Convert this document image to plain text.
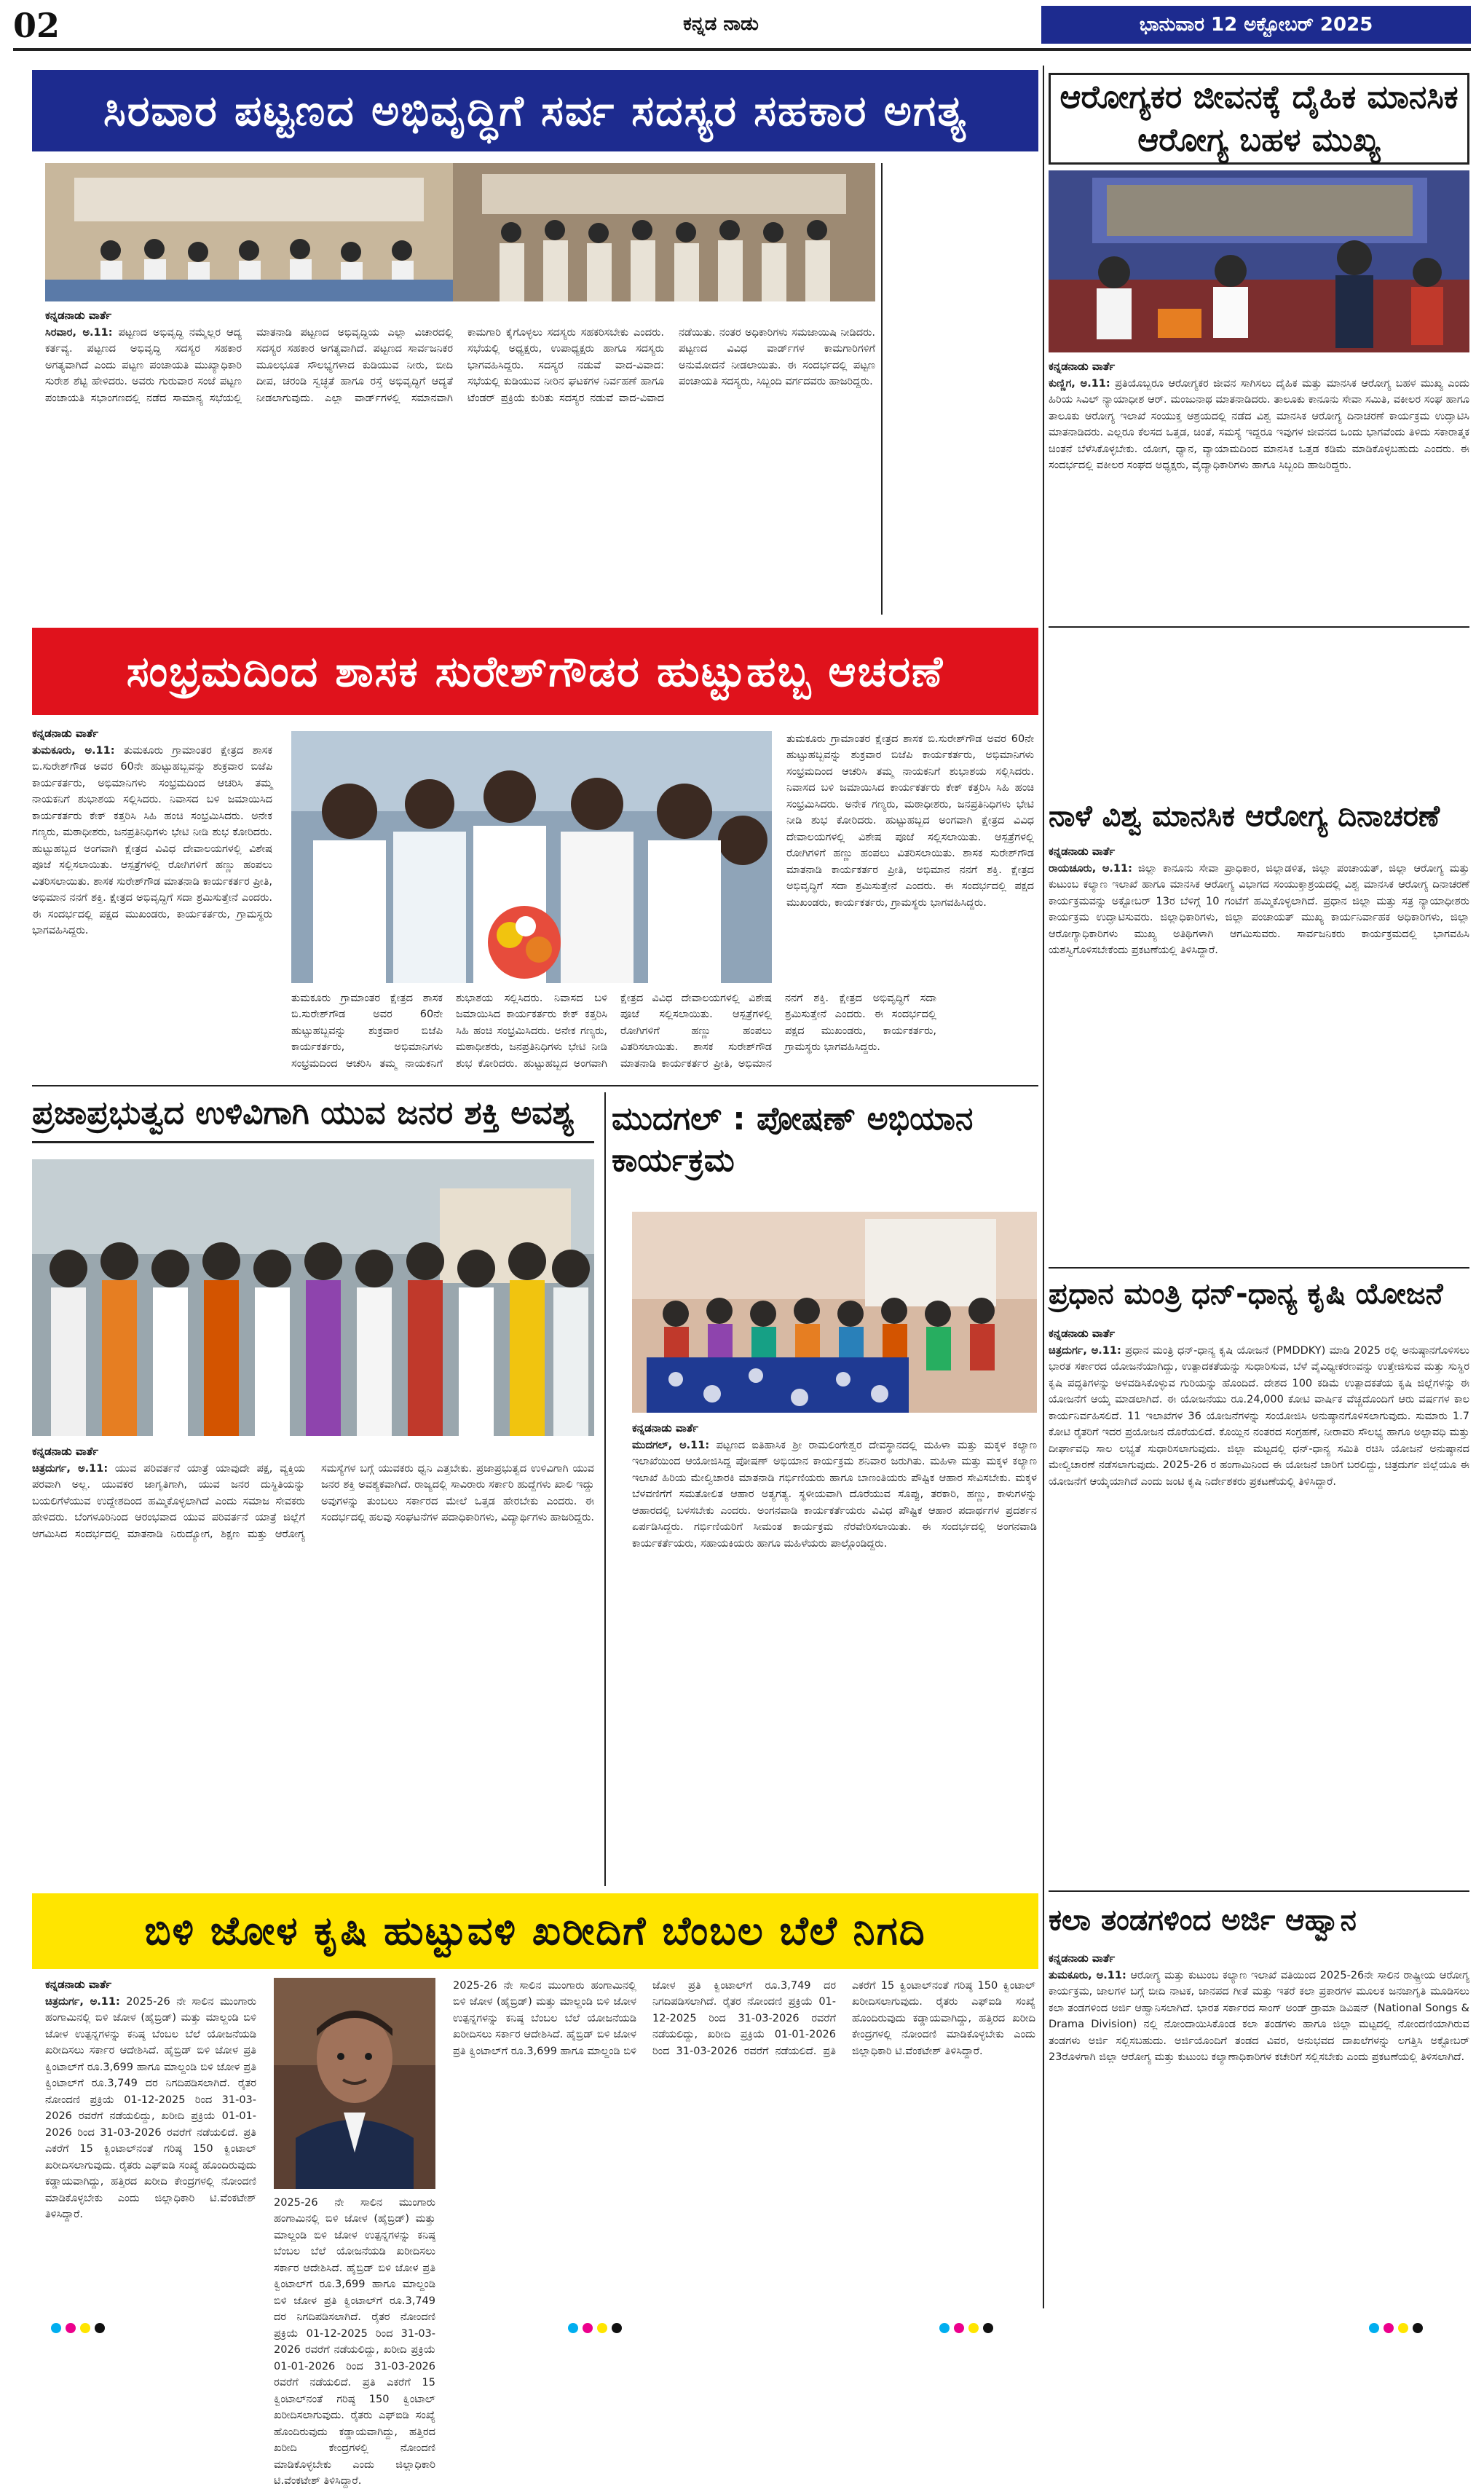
02	ಕನ್ನಡ ನಾಡು	ಭಾನುವಾರ 12 ಅಕ್ಟೋಬರ್ 2025
ಸಿರವಾರ ಪಟ್ಟಣದ ಅಭಿವೃದ್ಧಿಗೆ ಸರ್ವ ಸದಸ್ಯರ ಸಹಕಾರ ಅಗತ್ಯ
ಕನ್ನಡನಾಡು ವಾರ್ತೆ
ಸಿರವಾರ, ಅ.11: ಪಟ್ಟಣದ ಅಭಿವೃದ್ಧಿ ನಮ್ಮೆಲ್ಲರ ಆದ್ಯ ಕರ್ತವ್ಯ. ಪಟ್ಟಣದ ಅಭಿವೃದ್ಧಿ ಸದಸ್ಯರ ಸಹಕಾರ ಅಗತ್ಯವಾಗಿದೆ ಎಂದು ಪಟ್ಟಣ ಪಂಚಾಯತಿ ಮುಖ್ಯಾಧಿಕಾರಿ ಸುರೇಶ ಶೆಟ್ಟಿ ಹೇಳಿದರು. ಅವರು ಗುರುವಾರ ಸಂಜೆ ಪಟ್ಟಣ ಪಂಚಾಯತಿ ಸಭಾಂಗಣದಲ್ಲಿ ನಡೆದ ಸಾಮಾನ್ಯ ಸಭೆಯಲ್ಲಿ ಮಾತನಾಡಿ ಪಟ್ಟಣದ ಅಭಿವೃದ್ಧಿಯ ಎಲ್ಲಾ ವಿಚಾರದಲ್ಲಿ ಸದಸ್ಯರ ಸಹಕಾರ ಅಗತ್ಯವಾಗಿದೆ. ಪಟ್ಟಣದ ಸಾರ್ವಜನಿಕರ ಮೂಲಭೂತ ಸೌಲಭ್ಯಗಳಾದ ಕುಡಿಯುವ ನೀರು, ಬೀದಿ ದೀಪ, ಚರಂಡಿ ಸ್ವಚ್ಛತೆ ಹಾಗೂ ರಸ್ತೆ ಅಭಿವೃದ್ಧಿಗೆ ಆದ್ಯತೆ ನೀಡಲಾಗುವುದು. ಎಲ್ಲಾ ವಾರ್ಡ್‌ಗಳಲ್ಲಿ ಸಮಾನವಾಗಿ ಕಾಮಗಾರಿ ಕೈಗೊಳ್ಳಲು ಸದಸ್ಯರು ಸಹಕರಿಸಬೇಕು ಎಂದರು. ಸಭೆಯಲ್ಲಿ ಅಧ್ಯಕ್ಷರು, ಉಪಾಧ್ಯಕ್ಷರು ಹಾಗೂ ಸದಸ್ಯರು ಭಾಗವಹಿಸಿದ್ದರು. ಸದಸ್ಯರ ನಡುವೆ ವಾದ-ವಿವಾದ: ಸಭೆಯಲ್ಲಿ ಕುಡಿಯುವ ನೀರಿನ ಘಟಕಗಳ ನಿರ್ವಹಣೆ ಹಾಗೂ ಟೆಂಡರ್ ಪ್ರಕ್ರಿಯೆ ಕುರಿತು ಸದಸ್ಯರ ನಡುವೆ ವಾದ-ವಿವಾದ ನಡೆಯಿತು. ನಂತರ ಅಧಿಕಾರಿಗಳು ಸಮಜಾಯಿಷಿ ನೀಡಿದರು. ಪಟ್ಟಣದ ವಿವಿಧ ವಾರ್ಡ್‌ಗಳ ಕಾಮಗಾರಿಗಳಿಗೆ ಅನುಮೋದನೆ ನೀಡಲಾಯಿತು. ಈ ಸಂದರ್ಭದಲ್ಲಿ ಪಟ್ಟಣ ಪಂಚಾಯತಿ ಸದಸ್ಯರು, ಸಿಬ್ಬಂದಿ ವರ್ಗದವರು ಹಾಜರಿದ್ದರು.
ಆರೋಗ್ಯಕರ ಜೀವನಕ್ಕೆ ದೈಹಿಕ ಮಾನಸಿಕ ಆರೋಗ್ಯ ಬಹಳ ಮುಖ್ಯ
ಕನ್ನಡನಾಡು ವಾರ್ತೆ
ಕುಣ್ಣಿಗ, ಅ.11: ಪ್ರತಿಯೊಬ್ಬರೂ ಆರೋಗ್ಯಕರ ಜೀವನ ಸಾಗಿಸಲು ದೈಹಿಕ ಮತ್ತು ಮಾನಸಿಕ ಆರೋಗ್ಯ ಬಹಳ ಮುಖ್ಯ ಎಂದು ಹಿರಿಯ ಸಿವಿಲ್ ನ್ಯಾಯಾಧೀಶ ಆರ್. ಮಂಜುನಾಥ ಮಾತನಾಡಿದರು. ತಾಲೂಕು ಕಾನೂನು ಸೇವಾ ಸಮಿತಿ, ವಕೀಲರ ಸಂಘ ಹಾಗೂ ತಾಲೂಕು ಆರೋಗ್ಯ ಇಲಾಖೆ ಸಂಯುಕ್ತ ಆಶ್ರಯದಲ್ಲಿ ನಡೆದ ವಿಶ್ವ ಮಾನಸಿಕ ಆರೋಗ್ಯ ದಿನಾಚರಣೆ ಕಾರ್ಯಕ್ರಮ ಉದ್ಘಾಟಿಸಿ ಮಾತನಾಡಿದರು. ಎಲ್ಲರೂ ಕೆಲಸದ ಒತ್ತಡ, ಚಿಂತೆ, ಸಮಸ್ಯೆ ಇದ್ದರೂ ಇವುಗಳ ಜೀವನದ ಒಂದು ಭಾಗವೆಂದು ತಿಳಿದು ಸಕಾರಾತ್ಮಕ ಚಿಂತನೆ ಬೆಳೆಸಿಕೊಳ್ಳಬೇಕು. ಯೋಗ, ಧ್ಯಾನ, ವ್ಯಾಯಾಮದಿಂದ ಮಾನಸಿಕ ಒತ್ತಡ ಕಡಿಮೆ ಮಾಡಿಕೊಳ್ಳಬಹುದು ಎಂದರು. ಈ ಸಂದರ್ಭದಲ್ಲಿ ವಕೀಲರ ಸಂಘದ ಅಧ್ಯಕ್ಷರು, ವೈದ್ಯಾಧಿಕಾರಿಗಳು ಹಾಗೂ ಸಿಬ್ಬಂದಿ ಹಾಜರಿದ್ದರು.
ಸಂಭ್ರಮದಿಂದ ಶಾಸಕ ಸುರೇಶ್‌ಗೌಡರ ಹುಟ್ಟುಹಬ್ಬ ಆಚರಣೆ
ಕನ್ನಡನಾಡು ವಾರ್ತೆ
ತುಮಕೂರು, ಅ.11: ತುಮಕೂರು ಗ್ರಾಮಾಂತರ ಕ್ಷೇತ್ರದ ಶಾಸಕ ಬಿ.ಸುರೇಶ್‌ಗೌಡ ಅವರ 60ನೇ ಹುಟ್ಟುಹಬ್ಬವನ್ನು ಶುಕ್ರವಾರ ಬಿಜೆಪಿ ಕಾರ್ಯಕರ್ತರು, ಅಭಿಮಾನಿಗಳು ಸಂಭ್ರಮದಿಂದ ಆಚರಿಸಿ ತಮ್ಮ ನಾಯಕನಿಗೆ ಶುಭಾಶಯ ಸಲ್ಲಿಸಿದರು. ನಿವಾಸದ ಬಳಿ ಜಮಾಯಿಸಿದ ಕಾರ್ಯಕರ್ತರು ಕೇಕ್ ಕತ್ತರಿಸಿ ಸಿಹಿ ಹಂಚಿ ಸಂಭ್ರಮಿಸಿದರು. ಅನೇಕ ಗಣ್ಯರು, ಮಠಾಧೀಶರು, ಜನಪ್ರತಿನಿಧಿಗಳು ಭೇಟಿ ನೀಡಿ ಶುಭ ಕೋರಿದರು. ಹುಟ್ಟುಹಬ್ಬದ ಅಂಗವಾಗಿ ಕ್ಷೇತ್ರದ ವಿವಿಧ ದೇವಾಲಯಗಳಲ್ಲಿ ವಿಶೇಷ ಪೂಜೆ ಸಲ್ಲಿಸಲಾಯಿತು. ಆಸ್ಪತ್ರೆಗಳಲ್ಲಿ ರೋಗಿಗಳಿಗೆ ಹಣ್ಣು ಹಂಪಲು ವಿತರಿಸಲಾಯಿತು. ಶಾಸಕ ಸುರೇಶ್‌ಗೌಡ ಮಾತನಾಡಿ ಕಾರ್ಯಕರ್ತರ ಪ್ರೀತಿ, ಅಭಿಮಾನ ನನಗೆ ಶಕ್ತಿ. ಕ್ಷೇತ್ರದ ಅಭಿವೃದ್ಧಿಗೆ ಸದಾ ಶ್ರಮಿಸುತ್ತೇನೆ ಎಂದರು. ಈ ಸಂದರ್ಭದಲ್ಲಿ ಪಕ್ಷದ ಮುಖಂಡರು, ಕಾರ್ಯಕರ್ತರು, ಗ್ರಾಮಸ್ಥರು ಭಾಗವಹಿಸಿದ್ದರು.
ತುಮಕೂರು ಗ್ರಾಮಾಂತರ ಕ್ಷೇತ್ರದ ಶಾಸಕ ಬಿ.ಸುರೇಶ್‌ಗೌಡ ಅವರ 60ನೇ ಹುಟ್ಟುಹಬ್ಬವನ್ನು ಶುಕ್ರವಾರ ಬಿಜೆಪಿ ಕಾರ್ಯಕರ್ತರು, ಅಭಿಮಾನಿಗಳು ಸಂಭ್ರಮದಿಂದ ಆಚರಿಸಿ ತಮ್ಮ ನಾಯಕನಿಗೆ ಶುಭಾಶಯ ಸಲ್ಲಿಸಿದರು. ನಿವಾಸದ ಬಳಿ ಜಮಾಯಿಸಿದ ಕಾರ್ಯಕರ್ತರು ಕೇಕ್ ಕತ್ತರಿಸಿ ಸಿಹಿ ಹಂಚಿ ಸಂಭ್ರಮಿಸಿದರು. ಅನೇಕ ಗಣ್ಯರು, ಮಠಾಧೀಶರು, ಜನಪ್ರತಿನಿಧಿಗಳು ಭೇಟಿ ನೀಡಿ ಶುಭ ಕೋರಿದರು. ಹುಟ್ಟುಹಬ್ಬದ ಅಂಗವಾಗಿ ಕ್ಷೇತ್ರದ ವಿವಿಧ ದೇವಾಲಯಗಳಲ್ಲಿ ವಿಶೇಷ ಪೂಜೆ ಸಲ್ಲಿಸಲಾಯಿತು. ಆಸ್ಪತ್ರೆಗಳಲ್ಲಿ ರೋಗಿಗಳಿಗೆ ಹಣ್ಣು ಹಂಪಲು ವಿತರಿಸಲಾಯಿತು. ಶಾಸಕ ಸುರೇಶ್‌ಗೌಡ ಮಾತನಾಡಿ ಕಾರ್ಯಕರ್ತರ ಪ್ರೀತಿ, ಅಭಿಮಾನ ನನಗೆ ಶಕ್ತಿ. ಕ್ಷೇತ್ರದ ಅಭಿವೃದ್ಧಿಗೆ ಸದಾ ಶ್ರಮಿಸುತ್ತೇನೆ ಎಂದರು. ಈ ಸಂದರ್ಭದಲ್ಲಿ ಪಕ್ಷದ ಮುಖಂಡರು, ಕಾರ್ಯಕರ್ತರು, ಗ್ರಾಮಸ್ಥರು ಭಾಗವಹಿಸಿದ್ದರು.
ತುಮಕೂರು ಗ್ರಾಮಾಂತರ ಕ್ಷೇತ್ರದ ಶಾಸಕ ಬಿ.ಸುರೇಶ್‌ಗೌಡ ಅವರ 60ನೇ ಹುಟ್ಟುಹಬ್ಬವನ್ನು ಶುಕ್ರವಾರ ಬಿಜೆಪಿ ಕಾರ್ಯಕರ್ತರು, ಅಭಿಮಾನಿಗಳು ಸಂಭ್ರಮದಿಂದ ಆಚರಿಸಿ ತಮ್ಮ ನಾಯಕನಿಗೆ ಶುಭಾಶಯ ಸಲ್ಲಿಸಿದರು. ನಿವಾಸದ ಬಳಿ ಜಮಾಯಿಸಿದ ಕಾರ್ಯಕರ್ತರು ಕೇಕ್ ಕತ್ತರಿಸಿ ಸಿಹಿ ಹಂಚಿ ಸಂಭ್ರಮಿಸಿದರು. ಅನೇಕ ಗಣ್ಯರು, ಮಠಾಧೀಶರು, ಜನಪ್ರತಿನಿಧಿಗಳು ಭೇಟಿ ನೀಡಿ ಶುಭ ಕೋರಿದರು. ಹುಟ್ಟುಹಬ್ಬದ ಅಂಗವಾಗಿ ಕ್ಷೇತ್ರದ ವಿವಿಧ ದೇವಾಲಯಗಳಲ್ಲಿ ವಿಶೇಷ ಪೂಜೆ ಸಲ್ಲಿಸಲಾಯಿತು. ಆಸ್ಪತ್ರೆಗಳಲ್ಲಿ ರೋಗಿಗಳಿಗೆ ಹಣ್ಣು ಹಂಪಲು ವಿತರಿಸಲಾಯಿತು. ಶಾಸಕ ಸುರೇಶ್‌ಗೌಡ ಮಾತನಾಡಿ ಕಾರ್ಯಕರ್ತರ ಪ್ರೀತಿ, ಅಭಿಮಾನ ನನಗೆ ಶಕ್ತಿ. ಕ್ಷೇತ್ರದ ಅಭಿವೃದ್ಧಿಗೆ ಸದಾ ಶ್ರಮಿಸುತ್ತೇನೆ ಎಂದರು. ಈ ಸಂದರ್ಭದಲ್ಲಿ ಪಕ್ಷದ ಮುಖಂಡರು, ಕಾರ್ಯಕರ್ತರು, ಗ್ರಾಮಸ್ಥರು ಭಾಗವಹಿಸಿದ್ದರು.
ನಾಳೆ ವಿಶ್ವ ಮಾನಸಿಕ ಆರೋಗ್ಯ ದಿನಾಚರಣೆ
ಕನ್ನಡನಾಡು ವಾರ್ತೆ
ರಾಯಚೂರು, ಅ.11: ಜಿಲ್ಲಾ ಕಾನೂನು ಸೇವಾ ಪ್ರಾಧಿಕಾರ, ಜಿಲ್ಲಾಡಳಿತ, ಜಿಲ್ಲಾ ಪಂಚಾಯತ್, ಜಿಲ್ಲಾ ಆರೋಗ್ಯ ಮತ್ತು ಕುಟುಂಬ ಕಲ್ಯಾಣ ಇಲಾಖೆ ಹಾಗೂ ಮಾನಸಿಕ ಆರೋಗ್ಯ ವಿಭಾಗದ ಸಂಯುಕ್ತಾಶ್ರಯದಲ್ಲಿ ವಿಶ್ವ ಮಾನಸಿಕ ಆರೋಗ್ಯ ದಿನಾಚರಣೆ ಕಾರ್ಯಕ್ರಮವನ್ನು ಅಕ್ಟೋಬರ್ 13ರ ಬೆಳಿಗ್ಗೆ 10 ಗಂಟೆಗೆ ಹಮ್ಮಿಕೊಳ್ಳಲಾಗಿದೆ. ಪ್ರಧಾನ ಜಿಲ್ಲಾ ಮತ್ತು ಸತ್ರ ನ್ಯಾಯಾಧೀಶರು ಕಾರ್ಯಕ್ರಮ ಉದ್ಘಾಟಿಸುವರು. ಜಿಲ್ಲಾಧಿಕಾರಿಗಳು, ಜಿಲ್ಲಾ ಪಂಚಾಯತ್ ಮುಖ್ಯ ಕಾರ್ಯನಿರ್ವಾಹಕ ಅಧಿಕಾರಿಗಳು, ಜಿಲ್ಲಾ ಆರೋಗ್ಯಾಧಿಕಾರಿಗಳು ಮುಖ್ಯ ಅತಿಥಿಗಳಾಗಿ ಆಗಮಿಸುವರು. ಸಾರ್ವಜನಿಕರು ಕಾರ್ಯಕ್ರಮದಲ್ಲಿ ಭಾಗವಹಿಸಿ ಯಶಸ್ವಿಗೊಳಿಸಬೇಕೆಂದು ಪ್ರಕಟಣೆಯಲ್ಲಿ ತಿಳಿಸಿದ್ದಾರೆ.
ಪ್ರಜಾಪ್ರಭುತ್ವದ ಉಳಿವಿಗಾಗಿ ಯುವ ಜನರ ಶಕ್ತಿ ಅವಶ್ಯ
ಕನ್ನಡನಾಡು ವಾರ್ತೆ
ಚಿತ್ರದುರ್ಗ, ಅ.11: ಯುವ ಪರಿವರ್ತನೆ ಯಾತ್ರೆ ಯಾವುದೇ ಪಕ್ಷ, ವ್ಯಕ್ತಿಯ ಪರವಾಗಿ ಅಲ್ಲ. ಯುವಕರ ಜಾಗೃತಿಗಾಗಿ, ಯುವ ಜನರ ದುಸ್ಥಿತಿಯನ್ನು ಬಯಲಿಗೆಳೆಯುವ ಉದ್ದೇಶದಿಂದ ಹಮ್ಮಿಕೊಳ್ಳಲಾಗಿದೆ ಎಂದು ಸಮಾಜ ಸೇವಕರು ಹೇಳಿದರು. ಬೆಂಗಳೂರಿನಿಂದ ಆರಂಭವಾದ ಯುವ ಪರಿವರ್ತನೆ ಯಾತ್ರೆ ಜಿಲ್ಲೆಗೆ ಆಗಮಿಸಿದ ಸಂದರ್ಭದಲ್ಲಿ ಮಾತನಾಡಿ ನಿರುದ್ಯೋಗ, ಶಿಕ್ಷಣ ಮತ್ತು ಆರೋಗ್ಯ ಸಮಸ್ಯೆಗಳ ಬಗ್ಗೆ ಯುವಕರು ಧ್ವನಿ ಎತ್ತಬೇಕು. ಪ್ರಜಾಪ್ರಭುತ್ವದ ಉಳಿವಿಗಾಗಿ ಯುವ ಜನರ ಶಕ್ತಿ ಅವಶ್ಯಕವಾಗಿದೆ. ರಾಜ್ಯದಲ್ಲಿ ಸಾವಿರಾರು ಸರ್ಕಾರಿ ಹುದ್ದೆಗಳು ಖಾಲಿ ಇದ್ದು ಅವುಗಳನ್ನು ತುಂಬಲು ಸರ್ಕಾರದ ಮೇಲೆ ಒತ್ತಡ ಹೇರಬೇಕು ಎಂದರು. ಈ ಸಂದರ್ಭದಲ್ಲಿ ಹಲವು ಸಂಘಟನೆಗಳ ಪದಾಧಿಕಾರಿಗಳು, ವಿದ್ಯಾರ್ಥಿಗಳು ಹಾಜರಿದ್ದರು.
ಮುದಗಲ್ : ಪೋಷಣ್ ಅಭಿಯಾನ ಕಾರ್ಯಕ್ರಮ
ಕನ್ನಡನಾಡು ವಾರ್ತೆ
ಮುದಗಲ್, ಅ.11: ಪಟ್ಟಣದ ಐತಿಹಾಸಿಕ ಶ್ರೀ ರಾಮಲಿಂಗೇಶ್ವರ ದೇವಸ್ಥಾನದಲ್ಲಿ ಮಹಿಳಾ ಮತ್ತು ಮಕ್ಕಳ ಕಲ್ಯಾಣ ಇಲಾಖೆಯಿಂದ ಆಯೋಜಿಸಿದ್ದ ಪೋಷಣ್ ಅಭಿಯಾನ ಕಾರ್ಯಕ್ರಮ ಶನಿವಾರ ಜರುಗಿತು. ಮಹಿಳಾ ಮತ್ತು ಮಕ್ಕಳ ಕಲ್ಯಾಣ ಇಲಾಖೆ ಹಿರಿಯ ಮೇಲ್ವಿಚಾರಕಿ ಮಾತನಾಡಿ ಗರ್ಭಿಣಿಯರು ಹಾಗೂ ಬಾಣಂತಿಯರು ಪೌಷ್ಟಿಕ ಆಹಾರ ಸೇವಿಸಬೇಕು. ಮಕ್ಕಳ ಬೆಳವಣಿಗೆಗೆ ಸಮತೋಲಿತ ಆಹಾರ ಅತ್ಯಗತ್ಯ. ಸ್ಥಳೀಯವಾಗಿ ದೊರೆಯುವ ಸೊಪ್ಪು, ತರಕಾರಿ, ಹಣ್ಣು, ಕಾಳುಗಳನ್ನು ಆಹಾರದಲ್ಲಿ ಬಳಸಬೇಕು ಎಂದರು. ಅಂಗನವಾಡಿ ಕಾರ್ಯಕರ್ತೆಯರು ವಿವಿಧ ಪೌಷ್ಟಿಕ ಆಹಾರ ಪದಾರ್ಥಗಳ ಪ್ರದರ್ಶನ ಏರ್ಪಡಿಸಿದ್ದರು. ಗರ್ಭಿಣಿಯರಿಗೆ ಸೀಮಂತ ಕಾರ್ಯಕ್ರಮ ನೆರವೇರಿಸಲಾಯಿತು. ಈ ಸಂದರ್ಭದಲ್ಲಿ ಅಂಗನವಾಡಿ ಕಾರ್ಯಕರ್ತೆಯರು, ಸಹಾಯಕಿಯರು ಹಾಗೂ ಮಹಿಳೆಯರು ಪಾಲ್ಗೊಂಡಿದ್ದರು.
ಪ್ರಧಾನ ಮಂತ್ರಿ ಧನ್-ಧಾನ್ಯ ಕೃಷಿ ಯೋಜನೆ
ಕನ್ನಡನಾಡು ವಾರ್ತೆ
ಚಿತ್ರದುರ್ಗ, ಅ.11: ಪ್ರಧಾನ ಮಂತ್ರಿ ಧನ್-ಧಾನ್ಯ ಕೃಷಿ ಯೋಜನೆ (PMDDKY) ಮಾಡಿ 2025 ರಲ್ಲಿ ಅನುಷ್ಠಾನಗೊಳಿಸಲು ಭಾರತ ಸರ್ಕಾರದ ಯೋಜನೆಯಾಗಿದ್ದು, ಉತ್ಪಾದಕತೆಯನ್ನು ಸುಧಾರಿಸುವ, ಬೆಳೆ ವೈವಿಧ್ಯೀಕರಣವನ್ನು ಉತ್ತೇಜಿಸುವ ಮತ್ತು ಸುಸ್ಥಿರ ಕೃಷಿ ಪದ್ಧತಿಗಳನ್ನು ಅಳವಡಿಸಿಕೊಳ್ಳುವ ಗುರಿಯನ್ನು ಹೊಂದಿದೆ. ದೇಶದ 100 ಕಡಿಮೆ ಉತ್ಪಾದಕತೆಯ ಕೃಷಿ ಜಿಲ್ಲೆಗಳನ್ನು ಈ ಯೋಜನೆಗೆ ಆಯ್ಕೆ ಮಾಡಲಾಗಿದೆ. ಈ ಯೋಜನೆಯು ರೂ.24,000 ಕೋಟಿ ವಾರ್ಷಿಕ ವೆಚ್ಚದೊಂದಿಗೆ ಆರು ವರ್ಷಗಳ ಕಾಲ ಕಾರ್ಯನಿರ್ವಹಿಸಲಿದೆ. 11 ಇಲಾಖೆಗಳ 36 ಯೋಜನೆಗಳನ್ನು ಸಂಯೋಜಿಸಿ ಅನುಷ್ಠಾನಗೊಳಿಸಲಾಗುವುದು. ಸುಮಾರು 1.7 ಕೋಟಿ ರೈತರಿಗೆ ಇದರ ಪ್ರಯೋಜನ ದೊರೆಯಲಿದೆ. ಕೊಯ್ಲಿನ ನಂತರದ ಸಂಗ್ರಹಣೆ, ನೀರಾವರಿ ಸೌಲಭ್ಯ ಹಾಗೂ ಅಲ್ಪಾವಧಿ ಮತ್ತು ದೀರ್ಘಾವಧಿ ಸಾಲ ಲಭ್ಯತೆ ಸುಧಾರಿಸಲಾಗುವುದು. ಜಿಲ್ಲಾ ಮಟ್ಟದಲ್ಲಿ ಧನ್-ಧಾನ್ಯ ಸಮಿತಿ ರಚಿಸಿ ಯೋಜನೆ ಅನುಷ್ಠಾನದ ಮೇಲ್ವಿಚಾರಣೆ ನಡೆಸಲಾಗುವುದು. 2025-26 ರ ಹಂಗಾಮಿನಿಂದ ಈ ಯೋಜನೆ ಜಾರಿಗೆ ಬರಲಿದ್ದು, ಚಿತ್ರದುರ್ಗ ಜಿಲ್ಲೆಯೂ ಈ ಯೋಜನೆಗೆ ಆಯ್ಕೆಯಾಗಿದೆ ಎಂದು ಜಂಟಿ ಕೃಷಿ ನಿರ್ದೇಶಕರು ಪ್ರಕಟಣೆಯಲ್ಲಿ ತಿಳಿಸಿದ್ದಾರೆ.
ಬಿಳಿ ಜೋಳ ಕೃಷಿ ಹುಟ್ಟುವಳಿ ಖರೀದಿಗೆ ಬೆಂಬಲ ಬೆಲೆ ನಿಗದಿ
ಕನ್ನಡನಾಡು ವಾರ್ತೆ
ಚಿತ್ರದುರ್ಗ, ಅ.11: 2025-26 ನೇ ಸಾಲಿನ ಮುಂಗಾರು ಹಂಗಾಮಿನಲ್ಲಿ ಬಿಳಿ ಜೋಳ (ಹೈಬ್ರಿಡ್) ಮತ್ತು ಮಾಲ್ದಂಡಿ ಬಿಳಿ ಜೋಳ ಉತ್ಪನ್ನಗಳನ್ನು ಕನಿಷ್ಠ ಬೆಂಬಲ ಬೆಲೆ ಯೋಜನೆಯಡಿ ಖರೀದಿಸಲು ಸರ್ಕಾರ ಆದೇಶಿಸಿದೆ. ಹೈಬ್ರಿಡ್ ಬಿಳಿ ಜೋಳ ಪ್ರತಿ ಕ್ವಿಂಟಾಲ್‌ಗೆ ರೂ.3,699 ಹಾಗೂ ಮಾಲ್ದಂಡಿ ಬಿಳಿ ಜೋಳ ಪ್ರತಿ ಕ್ವಿಂಟಾಲ್‌ಗೆ ರೂ.3,749 ದರ ನಿಗದಿಪಡಿಸಲಾಗಿದೆ. ರೈತರ ನೋಂದಣಿ ಪ್ರಕ್ರಿಯೆ 01-12-2025 ರಿಂದ 31-03-2026 ರವರೆಗೆ ನಡೆಯಲಿದ್ದು, ಖರೀದಿ ಪ್ರಕ್ರಿಯೆ 01-01-2026 ರಿಂದ 31-03-2026 ರವರೆಗೆ ನಡೆಯಲಿದೆ. ಪ್ರತಿ ಎಕರೆಗೆ 15 ಕ್ವಿಂಟಾಲ್‌ನಂತೆ ಗರಿಷ್ಠ 150 ಕ್ವಿಂಟಾಲ್ ಖರೀದಿಸಲಾಗುವುದು. ರೈತರು ಎಫ್‌ಐಡಿ ಸಂಖ್ಯೆ ಹೊಂದಿರುವುದು ಕಡ್ಡಾಯವಾಗಿದ್ದು, ಹತ್ತಿರದ ಖರೀದಿ ಕೇಂದ್ರಗಳಲ್ಲಿ ನೋಂದಣಿ ಮಾಡಿಕೊಳ್ಳಬೇಕು ಎಂದು ಜಿಲ್ಲಾಧಿಕಾರಿ ಟಿ.ವೆಂಕಟೇಶ್ ತಿಳಿಸಿದ್ದಾರೆ.
2025-26 ನೇ ಸಾಲಿನ ಮುಂಗಾರು ಹಂಗಾಮಿನಲ್ಲಿ ಬಿಳಿ ಜೋಳ (ಹೈಬ್ರಿಡ್) ಮತ್ತು ಮಾಲ್ದಂಡಿ ಬಿಳಿ ಜೋಳ ಉತ್ಪನ್ನಗಳನ್ನು ಕನಿಷ್ಠ ಬೆಂಬಲ ಬೆಲೆ ಯೋಜನೆಯಡಿ ಖರೀದಿಸಲು ಸರ್ಕಾರ ಆದೇಶಿಸಿದೆ. ಹೈಬ್ರಿಡ್ ಬಿಳಿ ಜೋಳ ಪ್ರತಿ ಕ್ವಿಂಟಾಲ್‌ಗೆ ರೂ.3,699 ಹಾಗೂ ಮಾಲ್ದಂಡಿ ಬಿಳಿ ಜೋಳ ಪ್ರತಿ ಕ್ವಿಂಟಾಲ್‌ಗೆ ರೂ.3,749 ದರ ನಿಗದಿಪಡಿಸಲಾಗಿದೆ. ರೈತರ ನೋಂದಣಿ ಪ್ರಕ್ರಿಯೆ 01-12-2025 ರಿಂದ 31-03-2026 ರವರೆಗೆ ನಡೆಯಲಿದ್ದು, ಖರೀದಿ ಪ್ರಕ್ರಿಯೆ 01-01-2026 ರಿಂದ 31-03-2026 ರವರೆಗೆ ನಡೆಯಲಿದೆ. ಪ್ರತಿ ಎಕರೆಗೆ 15 ಕ್ವಿಂಟಾಲ್‌ನಂತೆ ಗರಿಷ್ಠ 150 ಕ್ವಿಂಟಾಲ್ ಖರೀದಿಸಲಾಗುವುದು. ರೈತರು ಎಫ್‌ಐಡಿ ಸಂಖ್ಯೆ ಹೊಂದಿರುವುದು ಕಡ್ಡಾಯವಾಗಿದ್ದು, ಹತ್ತಿರದ ಖರೀದಿ ಕೇಂದ್ರಗಳಲ್ಲಿ ನೋಂದಣಿ ಮಾಡಿಕೊಳ್ಳಬೇಕು ಎಂದು ಜಿಲ್ಲಾಧಿಕಾರಿ ಟಿ.ವೆಂಕಟೇಶ್ ತಿಳಿಸಿದ್ದಾರೆ.
2025-26 ನೇ ಸಾಲಿನ ಮುಂಗಾರು ಹಂಗಾಮಿನಲ್ಲಿ ಬಿಳಿ ಜೋಳ (ಹೈಬ್ರಿಡ್) ಮತ್ತು ಮಾಲ್ದಂಡಿ ಬಿಳಿ ಜೋಳ ಉತ್ಪನ್ನಗಳನ್ನು ಕನಿಷ್ಠ ಬೆಂಬಲ ಬೆಲೆ ಯೋಜನೆಯಡಿ ಖರೀದಿಸಲು ಸರ್ಕಾರ ಆದೇಶಿಸಿದೆ. ಹೈಬ್ರಿಡ್ ಬಿಳಿ ಜೋಳ ಪ್ರತಿ ಕ್ವಿಂಟಾಲ್‌ಗೆ ರೂ.3,699 ಹಾಗೂ ಮಾಲ್ದಂಡಿ ಬಿಳಿ ಜೋಳ ಪ್ರತಿ ಕ್ವಿಂಟಾಲ್‌ಗೆ ರೂ.3,749 ದರ ನಿಗದಿಪಡಿಸಲಾಗಿದೆ. ರೈತರ ನೋಂದಣಿ ಪ್ರಕ್ರಿಯೆ 01-12-2025 ರಿಂದ 31-03-2026 ರವರೆಗೆ ನಡೆಯಲಿದ್ದು, ಖರೀದಿ ಪ್ರಕ್ರಿಯೆ 01-01-2026 ರಿಂದ 31-03-2026 ರವರೆಗೆ ನಡೆಯಲಿದೆ. ಪ್ರತಿ ಎಕರೆಗೆ 15 ಕ್ವಿಂಟಾಲ್‌ನಂತೆ ಗರಿಷ್ಠ 150 ಕ್ವಿಂಟಾಲ್ ಖರೀದಿಸಲಾಗುವುದು. ರೈತರು ಎಫ್‌ಐಡಿ ಸಂಖ್ಯೆ ಹೊಂದಿರುವುದು ಕಡ್ಡಾಯವಾಗಿದ್ದು, ಹತ್ತಿರದ ಖರೀದಿ ಕೇಂದ್ರಗಳಲ್ಲಿ ನೋಂದಣಿ ಮಾಡಿಕೊಳ್ಳಬೇಕು ಎಂದು ಜಿಲ್ಲಾಧಿಕಾರಿ ಟಿ.ವೆಂಕಟೇಶ್ ತಿಳಿಸಿದ್ದಾರೆ.
ಕಲಾ ತಂಡಗಳಿಂದ ಅರ್ಜಿ ಆಹ್ವಾನ
ಕನ್ನಡನಾಡು ವಾರ್ತೆ
ತುಮಕೂರು, ಅ.11: ಆರೋಗ್ಯ ಮತ್ತು ಕುಟುಂಬ ಕಲ್ಯಾಣ ಇಲಾಖೆ ವತಿಯಿಂದ 2025-26ನೇ ಸಾಲಿನ ರಾಷ್ಟ್ರೀಯ ಆರೋಗ್ಯ ಕಾರ್ಯಕ್ರಮ, ಜಾಲಗಳ ಬಗ್ಗೆ ಬೀದಿ ನಾಟಕ, ಜಾನಪದ ಗೀತೆ ಮತ್ತು ಇತರೆ ಕಲಾ ಪ್ರಕಾರಗಳ ಮೂಲಕ ಜನಜಾಗೃತಿ ಮೂಡಿಸಲು ಕಲಾ ತಂಡಗಳಿಂದ ಅರ್ಜಿ ಆಹ್ವಾನಿಸಲಾಗಿದೆ. ಭಾರತ ಸರ್ಕಾರದ ಸಾಂಗ್ ಅಂಡ್ ಡ್ರಾಮಾ ಡಿವಿಷನ್ (National Songs & Drama Division) ನಲ್ಲಿ ನೋಂದಾಯಿಸಿಕೊಂಡ ಕಲಾ ತಂಡಗಳು ಹಾಗೂ ಜಿಲ್ಲಾ ಮಟ್ಟದಲ್ಲಿ ನೋಂದಣಿಯಾಗಿರುವ ತಂಡಗಳು ಅರ್ಜಿ ಸಲ್ಲಿಸಬಹುದು. ಅರ್ಜಿಯೊಂದಿಗೆ ತಂಡದ ವಿವರ, ಅನುಭವದ ದಾಖಲೆಗಳನ್ನು ಲಗತ್ತಿಸಿ ಅಕ್ಟೋಬರ್ 23ರೊಳಗಾಗಿ ಜಿಲ್ಲಾ ಆರೋಗ್ಯ ಮತ್ತು ಕುಟುಂಬ ಕಲ್ಯಾಣಾಧಿಕಾರಿಗಳ ಕಚೇರಿಗೆ ಸಲ್ಲಿಸಬೇಕು ಎಂದು ಪ್ರಕಟಣೆಯಲ್ಲಿ ತಿಳಿಸಲಾಗಿದೆ.
